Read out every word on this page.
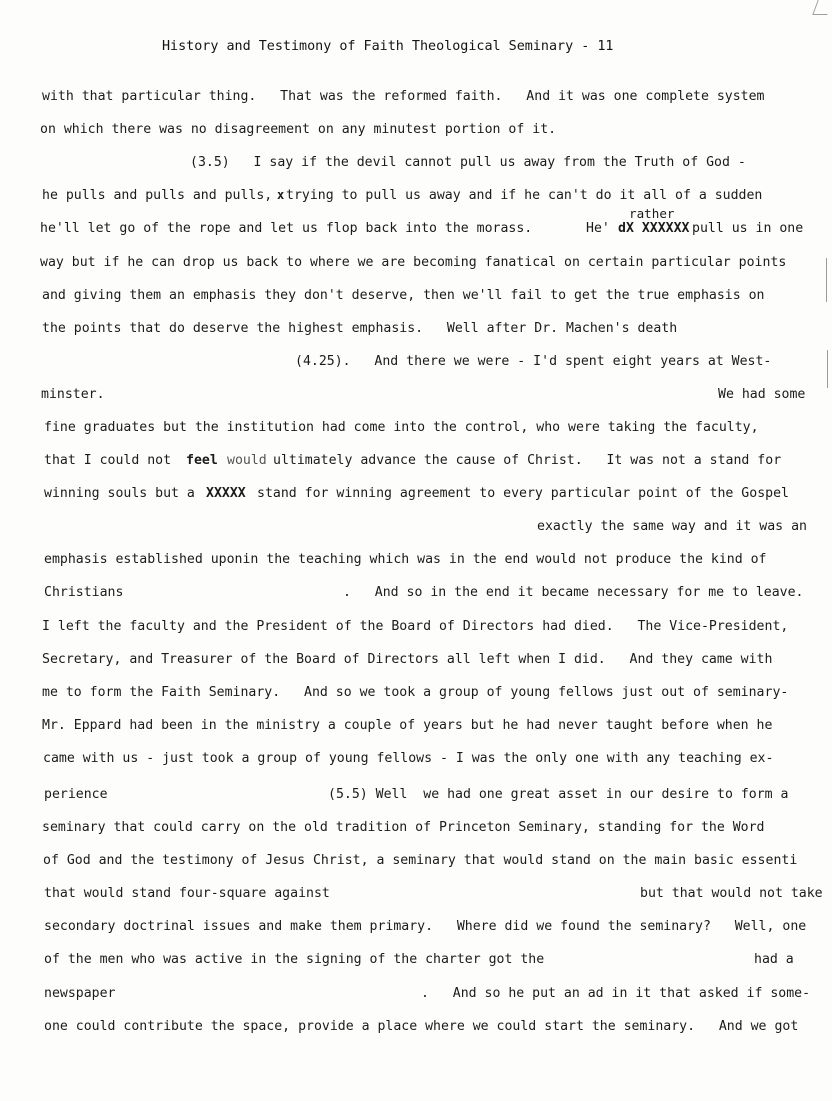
History and Testimony of Faith Theological Seminary - 11
with that particular thing.   That was the reformed faith.   And it was one complete system
on which there was no disagreement on any minutest portion of it.
(3.5)   I say if the devil cannot pull us away from the Truth of God -
he pulls and pulls and pulls, x trying to pull us away and if he can't do it all of a sudden
rather
he'll let go of the rope and let us flop back into the morass.	He' dX XXXXXX pull us in one
way but if he can drop us back to where we are becoming fanatical on certain particular points
and giving them an emphasis they don't deserve, then we'll fail to get the true emphasis on
the points that do deserve the highest emphasis.   Well after Dr. Machen's death
(4.25).   And there we were - I'd spent eight years at West-
minster.	We had some
fine graduates but the institution had come into the control, who were taking the faculty,
that I could not feel would ultimately advance the cause of Christ.   It was not a stand for
winning souls but a XXXXX stand for winning agreement to every particular point of the Gospel
exactly the same way and it was an
emphasis established uponin the teaching which was in the end would not produce the kind of
Christians	.   And so in the end it became necessary for me to leave.
I left the faculty and the President of the Board of Directors had died.   The Vice-President,
Secretary, and Treasurer of the Board of Directors all left when I did.   And they came with
me to form the Faith Seminary.   And so we took a group of young fellows just out of seminary-
Mr. Eppard had been in the ministry a couple of years but he had never taught before when he
came with us - just took a group of young fellows - I was the only one with any teaching ex-
perience	(5.5) Well  we had one great asset in our desire to form a
seminary that could carry on the old tradition of Princeton Seminary, standing for the Word
of God and the testimony of Jesus Christ, a seminary that would stand on the main basic essenti
that would stand four-square against	but that would not take
secondary doctrinal issues and make them primary.   Where did we found the seminary?   Well, one
of the men who was active in the signing of the charter got the	had a
newspaper	.   And so he put an ad in it that asked if some-
one could contribute the space, provide a place where we could start the seminary.   And we got
